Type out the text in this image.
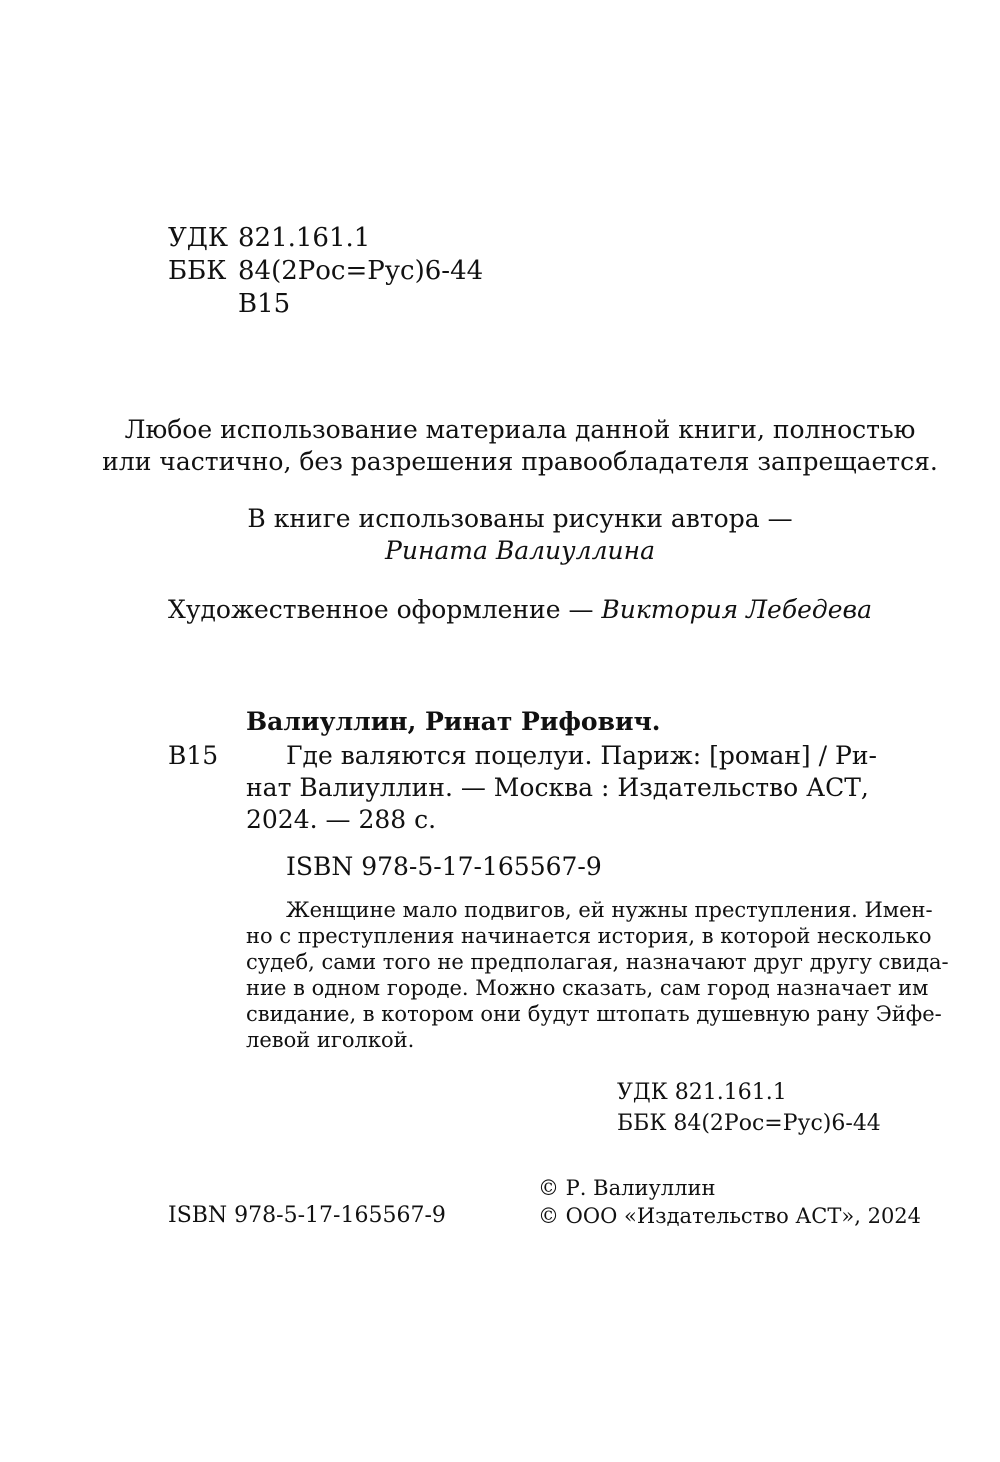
УДК 821.161.1
ББК 84(2Рос=Рус)6-44
В15
Любое использование материала данной книги, полностью
или частично, без разрешения правообладателя запрещается.
В книге использованы рисунки автора —
Рината Валиуллина
Художественное оформление — Виктория Лебедева
Валиуллин, Ринат Рифович.
В15	Где валяются поцелуи. Париж: [роман] / Ри-
нат Валиуллин. — Москва : Издательство АСТ,
2024. — 288 с.
ISBN 978-5-17-165567-9
Женщине мало подвигов, ей нужны преступления. Имен-
но с преступления начинается история, в которой несколько
судеб, сами того не предполагая, назначают друг другу свида-
ние в одном городе. Можно сказать, сам город назначает им
свидание, в котором они будут штопать душевную рану Эйфе-
левой иголкой.
УДК 821.161.1
ББК 84(2Рос=Рус)6-44
ISBN 978-5-17-165567-9
© Р. Валиуллин
© ООО «Издательство АСТ», 2024
